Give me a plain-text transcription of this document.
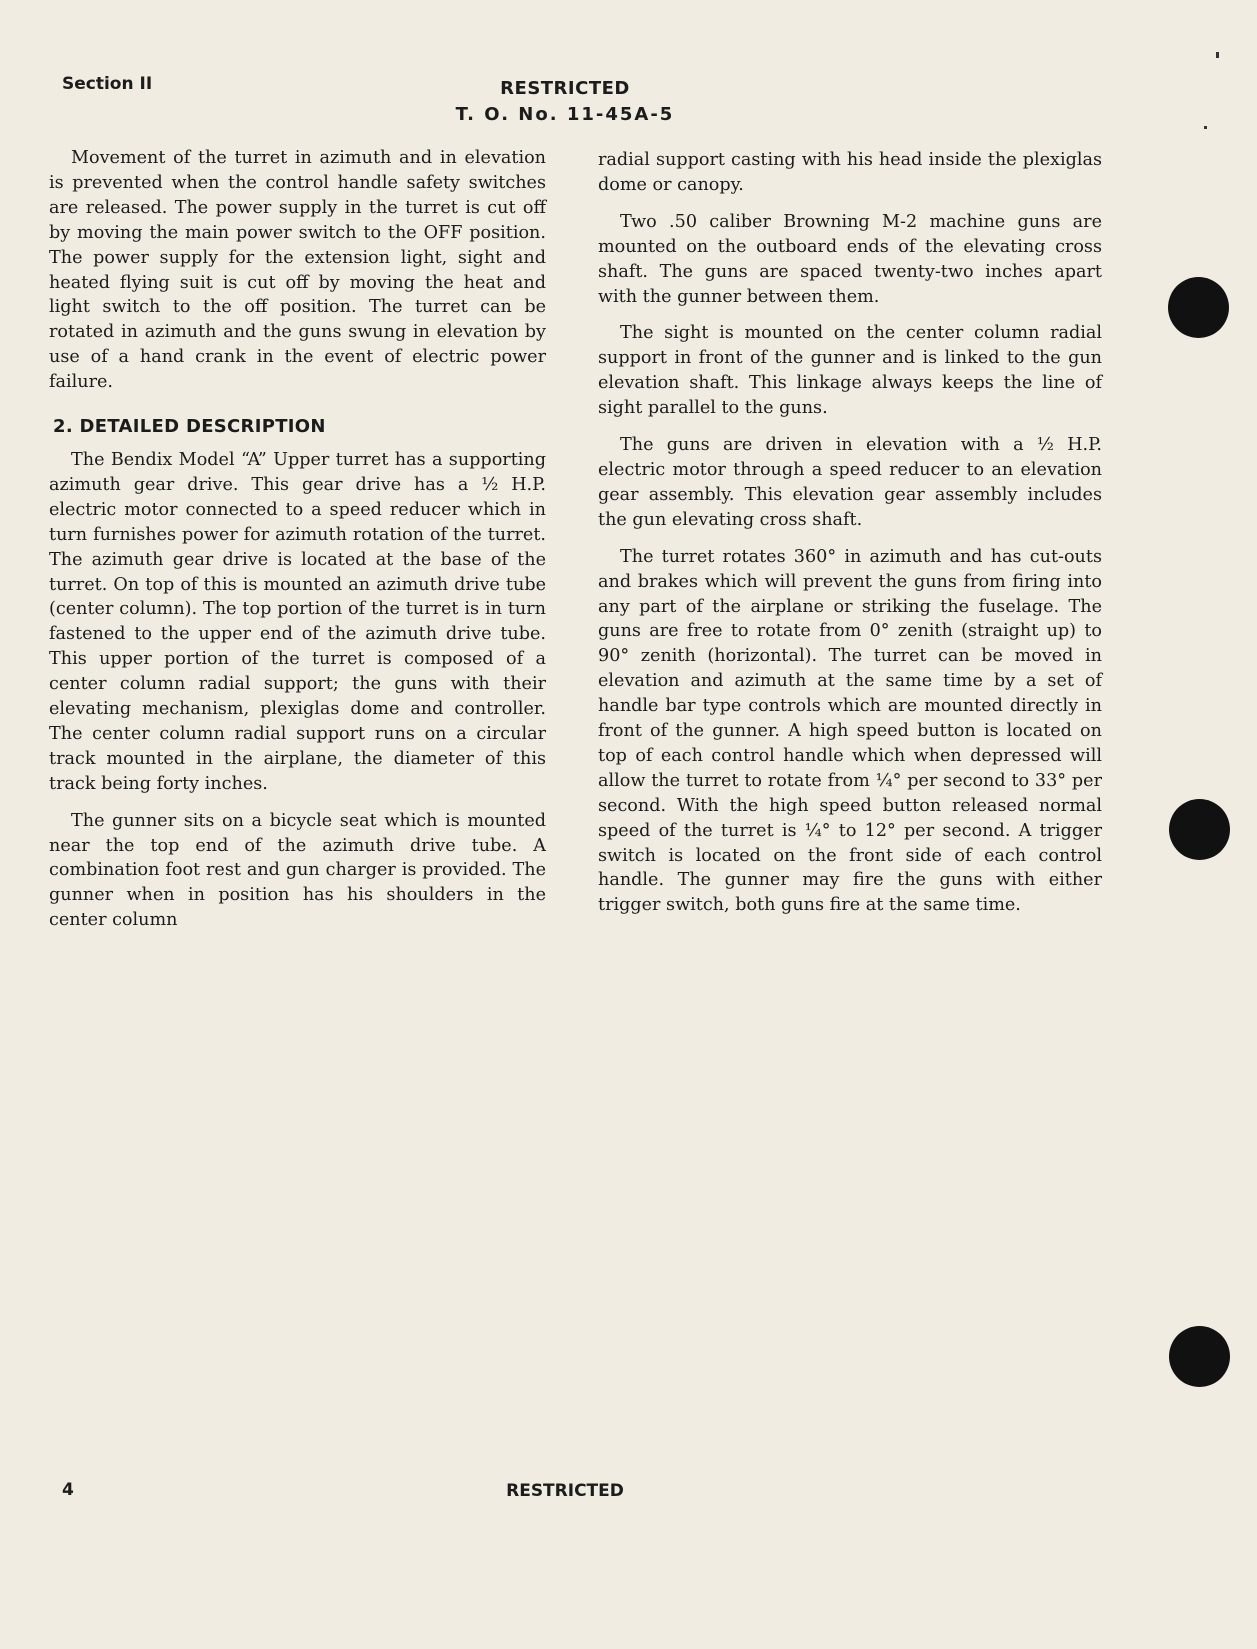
Section II	RESTRICTED
T. O. No. 11-45A-5

Movement of the turret in azimuth and in elevation is prevented when the control handle safety switches are released. The power supply in the turret is cut off by moving the main power switch to the OFF position. The power supply for the extension light, sight and heated flying suit is cut off by moving the heat and light switch to the off position. The turret can be rotated in azimuth and the guns swung in elevation by use of a hand crank in the event of electric power failure.

2. DETAILED DESCRIPTION

The Bendix Model “A” Upper turret has a supporting azimuth gear drive. This gear drive has a ½ H.P. electric motor connected to a speed reducer which in turn furnishes power for azimuth rotation of the turret. The azimuth gear drive is located at the base of the turret. On top of this is mounted an azimuth drive tube (center column). The top portion of the turret is in turn fastened to the upper end of the azimuth drive tube. This upper portion of the turret is composed of a center column radial support; the guns with their elevating mechanism, plexiglas dome and controller. The center column radial support runs on a circular track mounted in the airplane, the diameter of this track being forty inches.

The gunner sits on a bicycle seat which is mounted near the top end of the azimuth drive tube. A combination foot rest and gun charger is provided. The gunner when in position has his shoulders in the center column

radial support casting with his head inside the plexiglas dome or canopy.

Two .50 caliber Browning M-2 machine guns are mounted on the outboard ends of the elevating cross shaft. The guns are spaced twenty-two inches apart with the gunner between them.

The sight is mounted on the center column radial support in front of the gunner and is linked to the gun elevation shaft. This linkage always keeps the line of sight parallel to the guns.

The guns are driven in elevation with a ½ H.P. electric motor through a speed reducer to an elevation gear assembly. This elevation gear assembly includes the gun elevating cross shaft.

The turret rotates 360° in azimuth and has cut-outs and brakes which will prevent the guns from firing into any part of the airplane or striking the fuselage. The guns are free to rotate from 0° zenith (straight up) to 90° zenith (horizontal). The turret can be moved in elevation and azimuth at the same time by a set of handle bar type controls which are mounted directly in front of the gunner. A high speed button is located on top of each control handle which when depressed will allow the turret to rotate from ¼° per second to 33° per second. With the high speed button released normal speed of the turret is ¼° to 12° per second. A trigger switch is located on the front side of each control handle. The gunner may fire the guns with either trigger switch, both guns fire at the same time.

4	RESTRICTED
